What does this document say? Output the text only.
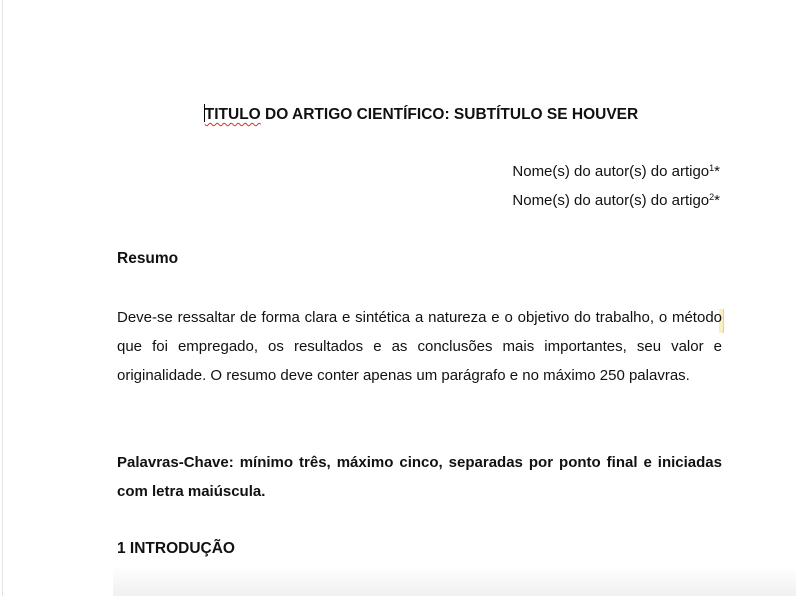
TITULO DO ARTIGO CIENTÍFICO: SUBTÍTULO SE HOUVER
Nome(s) do autor(s) do artigo$^1$*
Nome(s) do autor(s) do artigo$^2$*
Resumo
Deve-se ressaltar de forma clara e sintética a natureza e o objetivo do trabalho, o método que foi empregado, os resultados e as conclusões mais importantes, seu valor e originalidade. O resumo deve conter apenas um parágrafo e no máximo 250 palavras.
Palavras-Chave: mínimo três, máximo cinco, separadas por ponto final e iniciadas com letra maiúscula.
1 INTRODUÇÃO
